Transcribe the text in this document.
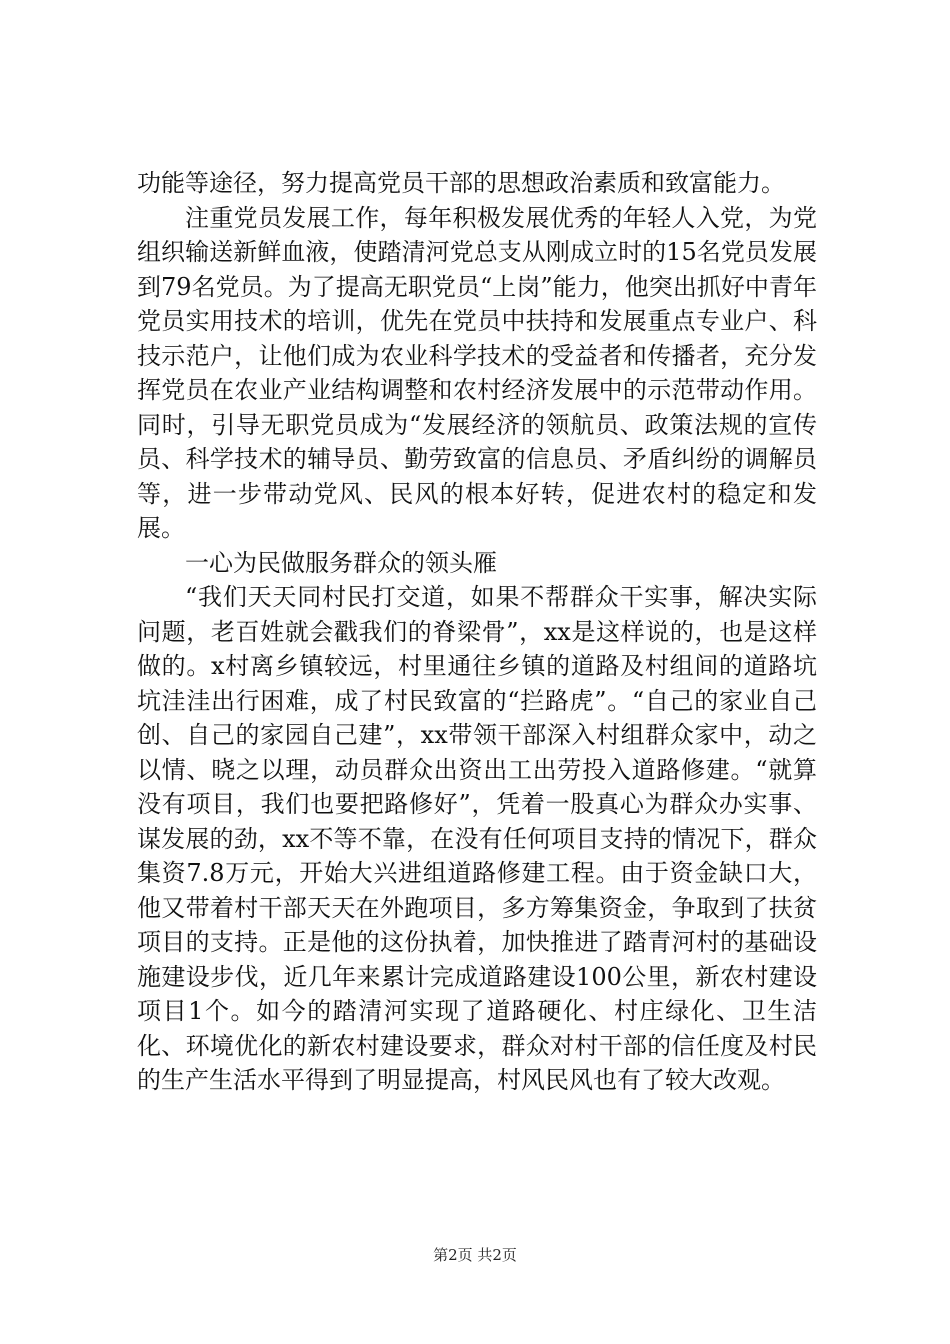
功能等途径，努力提高党员干部的思想政治素质和致富能力。

注重党员发展工作，每年积极发展优秀的年轻人入党，为党组织输送新鲜血液，使踏清河党总支从刚成立时的15名党员发展到79名党员。为了提高无职党员“上岗”能力，他突出抓好中青年党员实用技术的培训，优先在党员中扶持和发展重点专业户、科技示范户，让他们成为农业科学技术的受益者和传播者，充分发挥党员在农业产业结构调整和农村经济发展中的示范带动作用。同时，引导无职党员成为“发展经济的领航员、政策法规的宣传员、科学技术的辅导员、勤劳致富的信息员、矛盾纠纷的调解员等，进一步带动党风、民风的根本好转，促进农村的稳定和发展。

一心为民做服务群众的领头雁

“我们天天同村民打交道，如果不帮群众干实事，解决实际问题，老百姓就会戳我们的脊梁骨”，xx是这样说的，也是这样做的。x村离乡镇较远，村里通往乡镇的道路及村组间的道路坑坑洼洼出行困难，成了村民致富的“拦路虎”。“自己的家业自己创、自己的家园自己建”，xx带领干部深入村组群众家中，动之以情、晓之以理，动员群众出资出工出劳投入道路修建。“就算没有项目，我们也要把路修好”，凭着一股真心为群众办实事、谋发展的劲，xx不等不靠，在没有任何项目支持的情况下，群众集资7.8万元，开始大兴进组道路修建工程。由于资金缺口大，他又带着村干部天天在外跑项目，多方筹集资金，争取到了扶贫项目的支持。正是他的这份执着，加快推进了踏青河村的基础设施建设步伐，近几年来累计完成道路建设100公里，新农村建设项目1个。如今的踏清河实现了道路硬化、村庄绿化、卫生洁化、环境优化的新农村建设要求，群众对村干部的信任度及村民的生产生活水平得到了明显提高，村风民风也有了较大改观。

第2页 共2页
